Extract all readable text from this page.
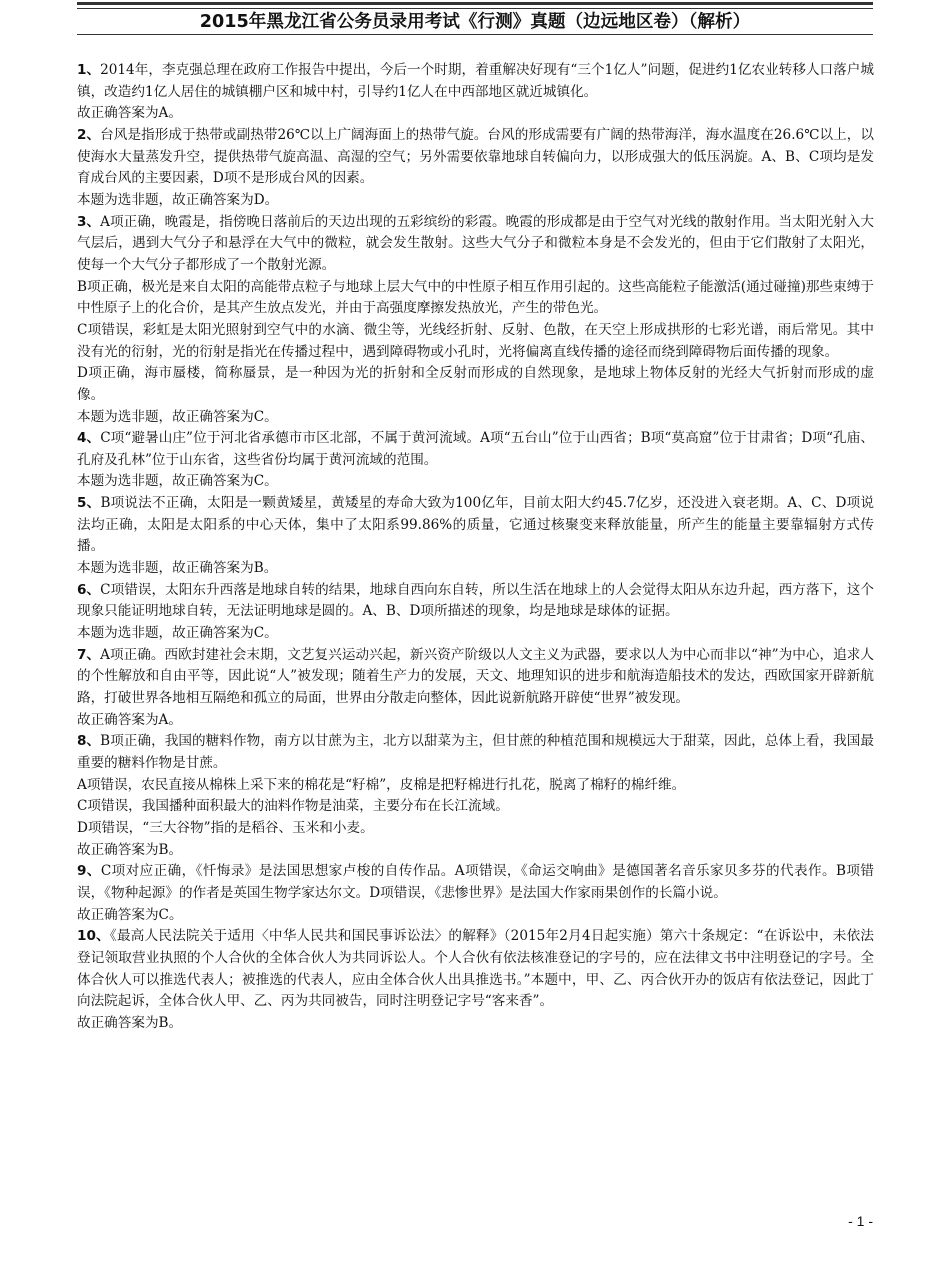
2015年黑龙江省公务员录用考试《行测》真题（边远地区卷）（解析）

1、2014年，李克强总理在政府工作报告中提出，今后一个时期，着重解决好现有“三个1亿人”问题，促进约1亿农业转移人口落户城镇，改造约1亿人居住的城镇棚户区和城中村，引导约1亿人在中西部地区就近城镇化。

故正确答案为A。

2、台风是指形成于热带或副热带26℃以上广阔海面上的热带气旋。台风的形成需要有广阔的热带海洋，海水温度在26.6℃以上，以使海水大量蒸发升空，提供热带气旋高温、高湿的空气；另外需要依靠地球自转偏向力，以形成强大的低压涡旋。A、B、C项均是发育成台风的主要因素，D项不是形成台风的因素。

本题为选非题，故正确答案为D。

3、A项正确，晚霞是，指傍晚日落前后的天边出现的五彩缤纷的彩霞。晚霞的形成都是由于空气对光线的散射作用。当太阳光射入大气层后，遇到大气分子和悬浮在大气中的微粒，就会发生散射。这些大气分子和微粒本身是不会发光的，但由于它们散射了太阳光，使每一个大气分子都形成了一个散射光源。

B项正确，极光是来自太阳的高能带点粒子与地球上层大气中的中性原子相互作用引起的。这些高能粒子能激活(通过碰撞)那些束缚于中性原子上的化合价，是其产生放点发光，并由于高强度摩擦发热放光，产生的带色光。

C项错误，彩虹是太阳光照射到空气中的水滴、微尘等，光线经折射、反射、色散，在天空上形成拱形的七彩光谱，雨后常见。其中没有光的衍射，光的衍射是指光在传播过程中，遇到障碍物或小孔时，光将偏离直线传播的途径而绕到障碍物后面传播的现象。

D项正确，海市蜃楼，简称蜃景，是一种因为光的折射和全反射而形成的自然现象，是地球上物体反射的光经大气折射而形成的虚像。

本题为选非题，故正确答案为C。

4、C项“避暑山庄”位于河北省承德市市区北部，不属于黄河流域。A项“五台山”位于山西省；B项“莫高窟”位于甘肃省；D项“孔庙、孔府及孔林”位于山东省，这些省份均属于黄河流域的范围。

本题为选非题，故正确答案为C。

5、B项说法不正确，太阳是一颗黄矮星，黄矮星的寿命大致为100亿年，目前太阳大约45.7亿岁，还没进入衰老期。A、C、D项说法均正确，太阳是太阳系的中心天体，集中了太阳系99.86%的质量，它通过核聚变来释放能量，所产生的能量主要靠辐射方式传播。

本题为选非题，故正确答案为B。

6、C项错误，太阳东升西落是地球自转的结果，地球自西向东自转，所以生活在地球上的人会觉得太阳从东边升起，西方落下，这个现象只能证明地球自转，无法证明地球是圆的。A、B、D项所描述的现象，均是地球是球体的证据。

本题为选非题，故正确答案为C。

7、A项正确。西欧封建社会末期，文艺复兴运动兴起，新兴资产阶级以人文主义为武器，要求以人为中心而非以“神”为中心，追求人的个性解放和自由平等，因此说“人”被发现；随着生产力的发展，天文、地理知识的进步和航海造船技术的发达，西欧国家开辟新航路，打破世界各地相互隔绝和孤立的局面，世界由分散走向整体，因此说新航路开辟使“世界”被发现。

故正确答案为A。

8、B项正确，我国的糖料作物，南方以甘蔗为主，北方以甜菜为主，但甘蔗的种植范围和规模远大于甜菜，因此，总体上看，我国最重要的糖料作物是甘蔗。

A项错误，农民直接从棉株上采下来的棉花是“籽棉”，皮棉是把籽棉进行扎花，脱离了棉籽的棉纤维。

C项错误，我国播种面积最大的油料作物是油菜，主要分布在长江流域。

D项错误，“三大谷物”指的是稻谷、玉米和小麦。

故正确答案为B。

9、C项对应正确，《忏悔录》是法国思想家卢梭的自传作品。A项错误，《命运交响曲》是德国著名音乐家贝多芬的代表作。B项错误，《物种起源》的作者是英国生物学家达尔文。D项错误，《悲惨世界》是法国大作家雨果创作的长篇小说。

故正确答案为C。

10、《最高人民法院关于适用〈中华人民共和国民事诉讼法〉的解释》（2015年2月4日起实施）第六十条规定：“在诉讼中，未依法登记领取营业执照的个人合伙的全体合伙人为共同诉讼人。个人合伙有依法核准登记的字号的，应在法律文书中注明登记的字号。全体合伙人可以推选代表人；被推选的代表人，应由全体合伙人出具推选书。”本题中，甲、乙、丙合伙开办的饭店有依法登记，因此丁向法院起诉，全体合伙人甲、乙、丙为共同被告，同时注明登记字号“客来香”。

故正确答案为B。

- 1 -
